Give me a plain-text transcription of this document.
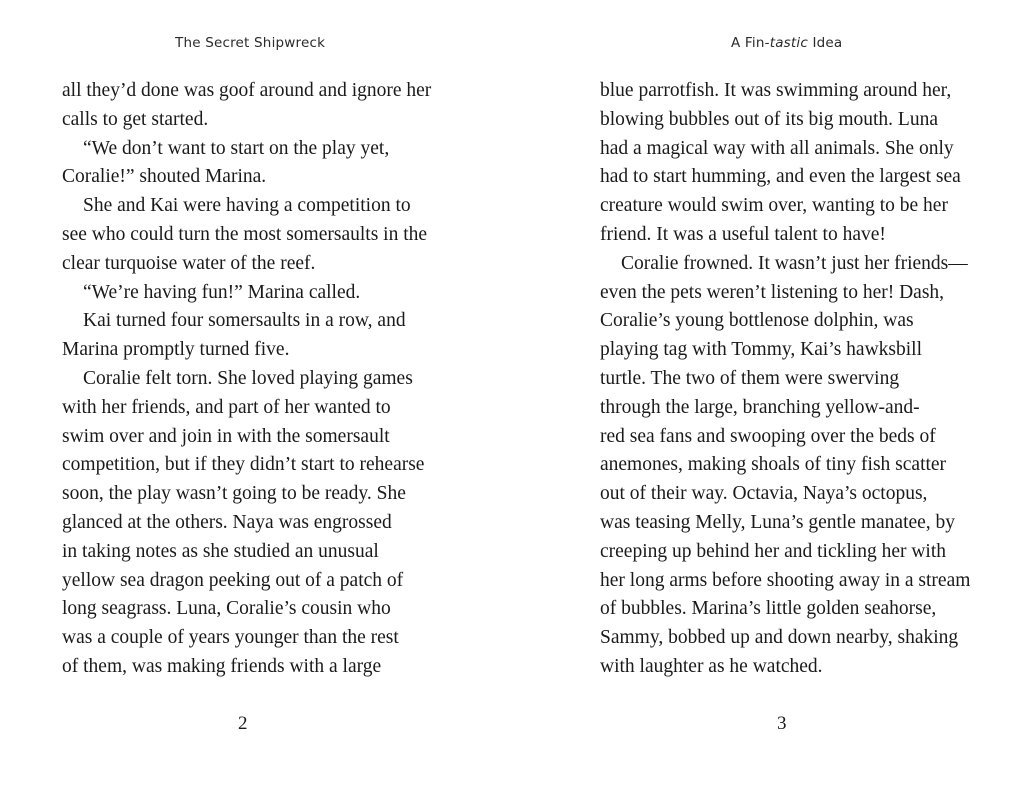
The Secret Shipwreck
all they’d done was goof around and ignore her
calls to get started.
“We don’t want to start on the play yet,
Coralie!” shouted Marina.
She and Kai were having a competition to
see who could turn the most somersaults in the
clear turquoise water of the reef.
“We’re having fun!” Marina called.
Kai turned four somersaults in a row, and
Marina promptly turned five.
Coralie felt torn. She loved playing games
with her friends, and part of her wanted to
swim over and join in with the somersault
competition, but if they didn’t start to rehearse
soon, the play wasn’t going to be ready. She
glanced at the others. Naya was engrossed
in taking notes as she studied an unusual
yellow sea dragon peeking out of a patch of
long seagrass. Luna, Coralie’s cousin who
was a couple of years younger than the rest
of them, was making friends with a large
2
A Fin-tastic Idea
blue parrotfish. It was swimming around her,
blowing bubbles out of its big mouth. Luna
had a magical way with all animals. She only
had to start humming, and even the largest sea
creature would swim over, wanting to be her
friend. It was a useful talent to have!
Coralie frowned. It wasn’t just her friends—
even the pets weren’t listening to her! Dash,
Coralie’s young bottlenose dolphin, was
playing tag with Tommy, Kai’s hawksbill
turtle. The two of them were swerving
through the large, branching yellow-and-
red sea fans and swooping over the beds of
anemones, making shoals of tiny fish scatter
out of their way. Octavia, Naya’s octopus,
was teasing Melly, Luna’s gentle manatee, by
creeping up behind her and tickling her with
her long arms before shooting away in a stream
of bubbles. Marina’s little golden seahorse,
Sammy, bobbed up and down nearby, shaking
with laughter as he watched.
3
